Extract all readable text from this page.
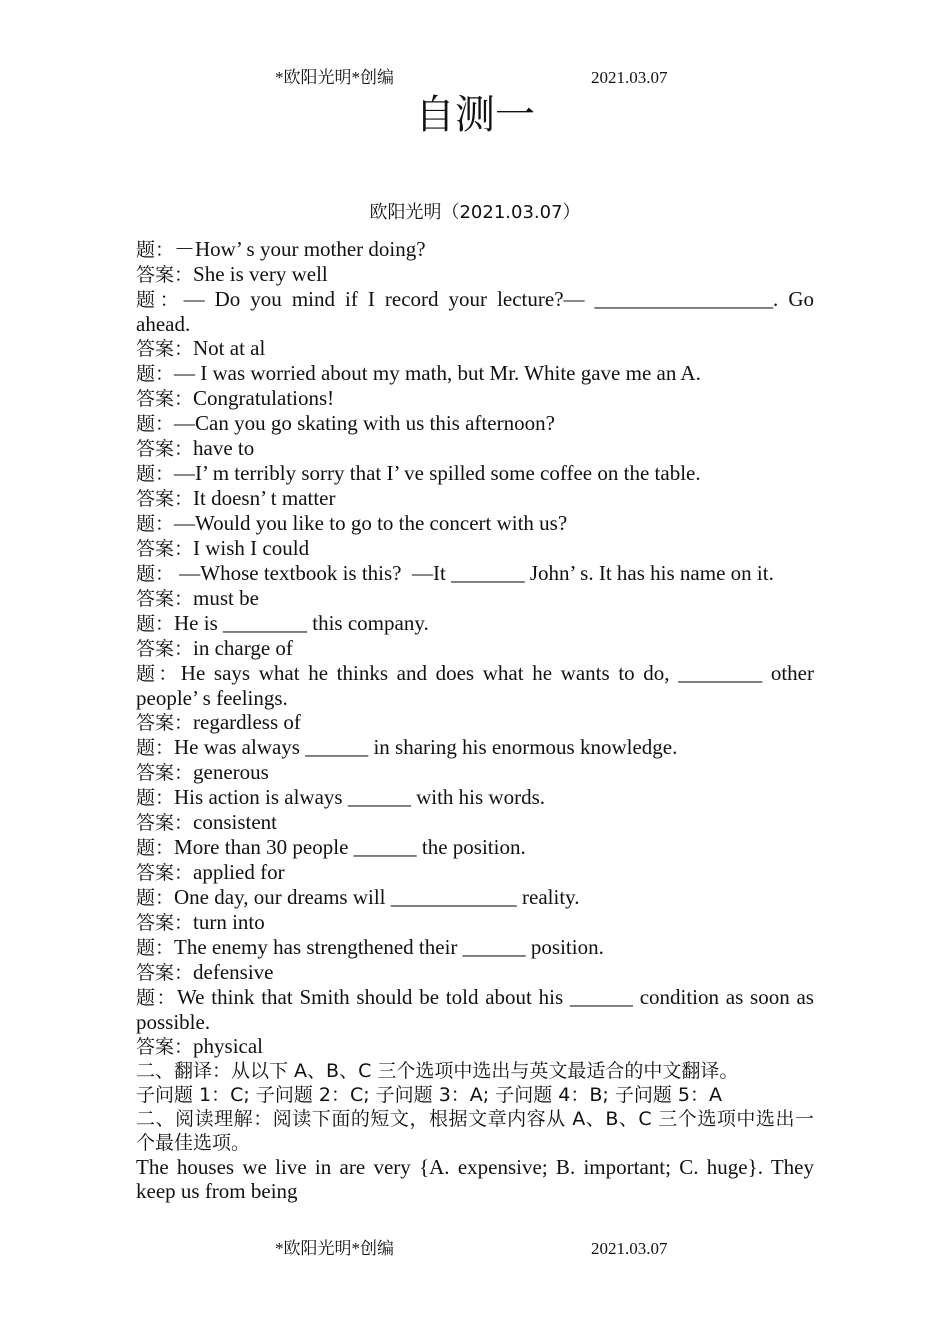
*欧阳光明*创编	2021.03.07
自测一
欧阳光明（2021.03.07）
题：－How’ s your mother doing?
答案：She is very well
题：— Do you mind if I record your lecture?— _________________. Go ahead.
答案：Not at al
题：— I was worried about my math, but Mr. White gave me an A.
答案：Congratulations!
题：—Can you go skating with us this afternoon?
答案：have to
题：—I’ m terribly sorry that I’ ve spilled some coffee on the table.
答案：It doesn’ t matter
题：—Would you like to go to the concert with us?
答案：I wish I could
题： —Whose textbook is this?  —It _______ John’ s. It has his name on it.
答案：must be
题：He is ________ this company.
答案：in charge of
题：He says what he thinks and does what he wants to do, ________ other people’ s feelings.
答案：regardless of
题：He was always ______ in sharing his enormous knowledge.
答案：generous
题：His action is always ______ with his words.
答案：consistent
题：More than 30 people ______ the position.
答案：applied for
题：One day, our dreams will ____________ reality.
答案：turn into
题：The enemy has strengthened their ______ position.
答案：defensive
题：We think that Smith should be told about his ______ condition as soon as possible.
答案：physical
二、翻译：从以下 A、B、C 三个选项中选出与英文最适合的中文翻译。
子问题 1：C; 子问题 2：C; 子问题 3：A; 子问题 4：B; 子问题 5：A
二、阅读理解：阅读下面的短文，根据文章内容从 A、B、C 三个选项中选出一个最佳选项。
The houses we live in are very {A. expensive; B. important; C. huge}. They keep us from being
*欧阳光明*创编	2021.03.07
